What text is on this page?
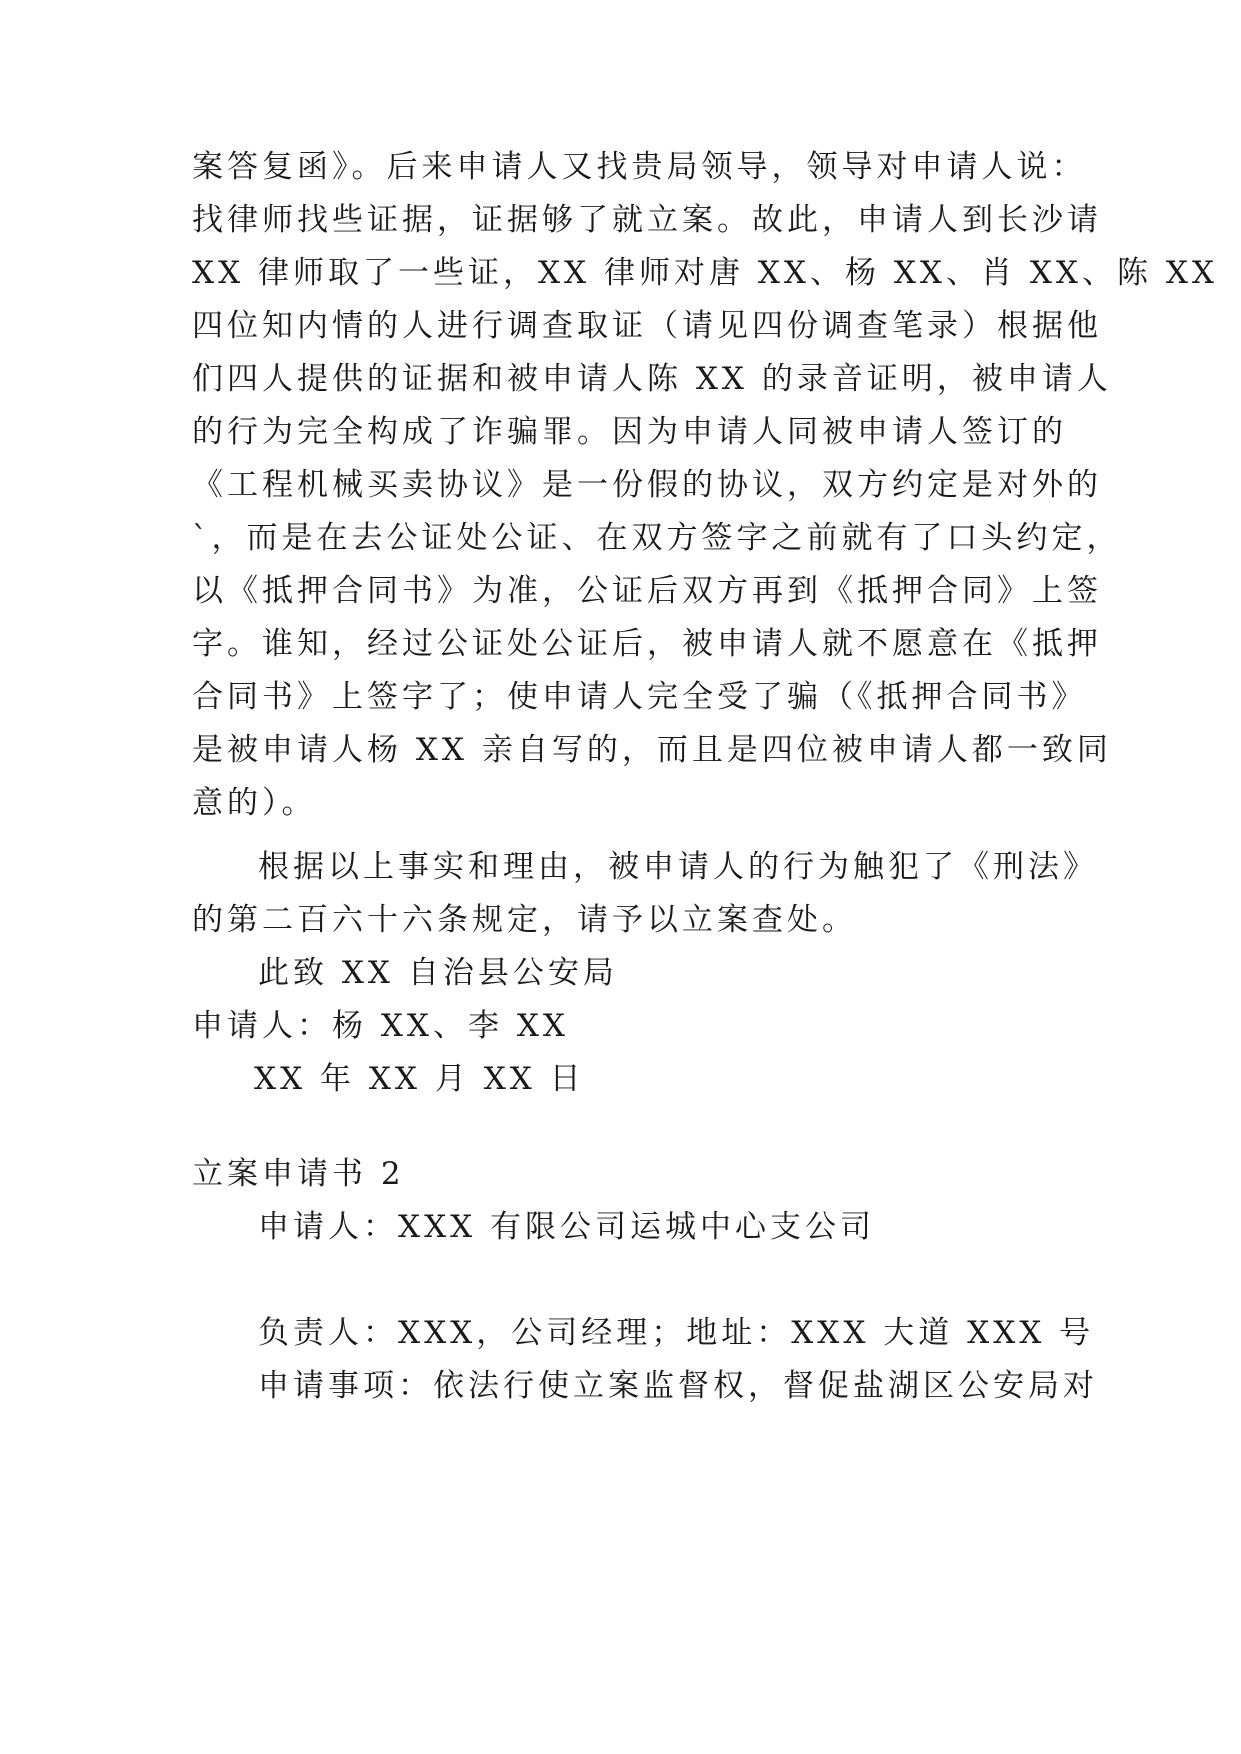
案答复函》。后来申请人又找贵局领导，领导对申请人说：
找律师找些证据，证据够了就立案。故此，申请人到长沙请
XX 律师取了一些证，XX 律师对唐 XX、杨 XX、肖 XX、陈 XX
四位知内情的人进行调查取证（请见四份调查笔录）根据他
们四人提供的证据和被申请人陈 XX 的录音证明，被申请人
的行为完全构成了诈骗罪。因为申请人同被申请人签订的
《工程机械买卖协议》是一份假的协议，双方约定是对外的
`，而是在去公证处公证、在双方签字之前就有了口头约定，
以《抵押合同书》为准，公证后双方再到《抵押合同》上签
字。谁知，经过公证处公证后，被申请人就不愿意在《抵押
合同书》上签字了；使申请人完全受了骗（《抵押合同书》
是被申请人杨 XX 亲自写的，而且是四位被申请人都一致同
意的）。
根据以上事实和理由，被申请人的行为触犯了《刑法》
的第二百六十六条规定，请予以立案查处。
此致 XX 自治县公安局
申请人：杨 XX、李 XX
XX 年 XX 月 XX 日
立案申请书 2
申请人：XXX 有限公司运城中心支公司
负责人：XXX，公司经理；地址：XXX 大道 XXX 号
申请事项：依法行使立案监督权，督促盐湖区公安局对
